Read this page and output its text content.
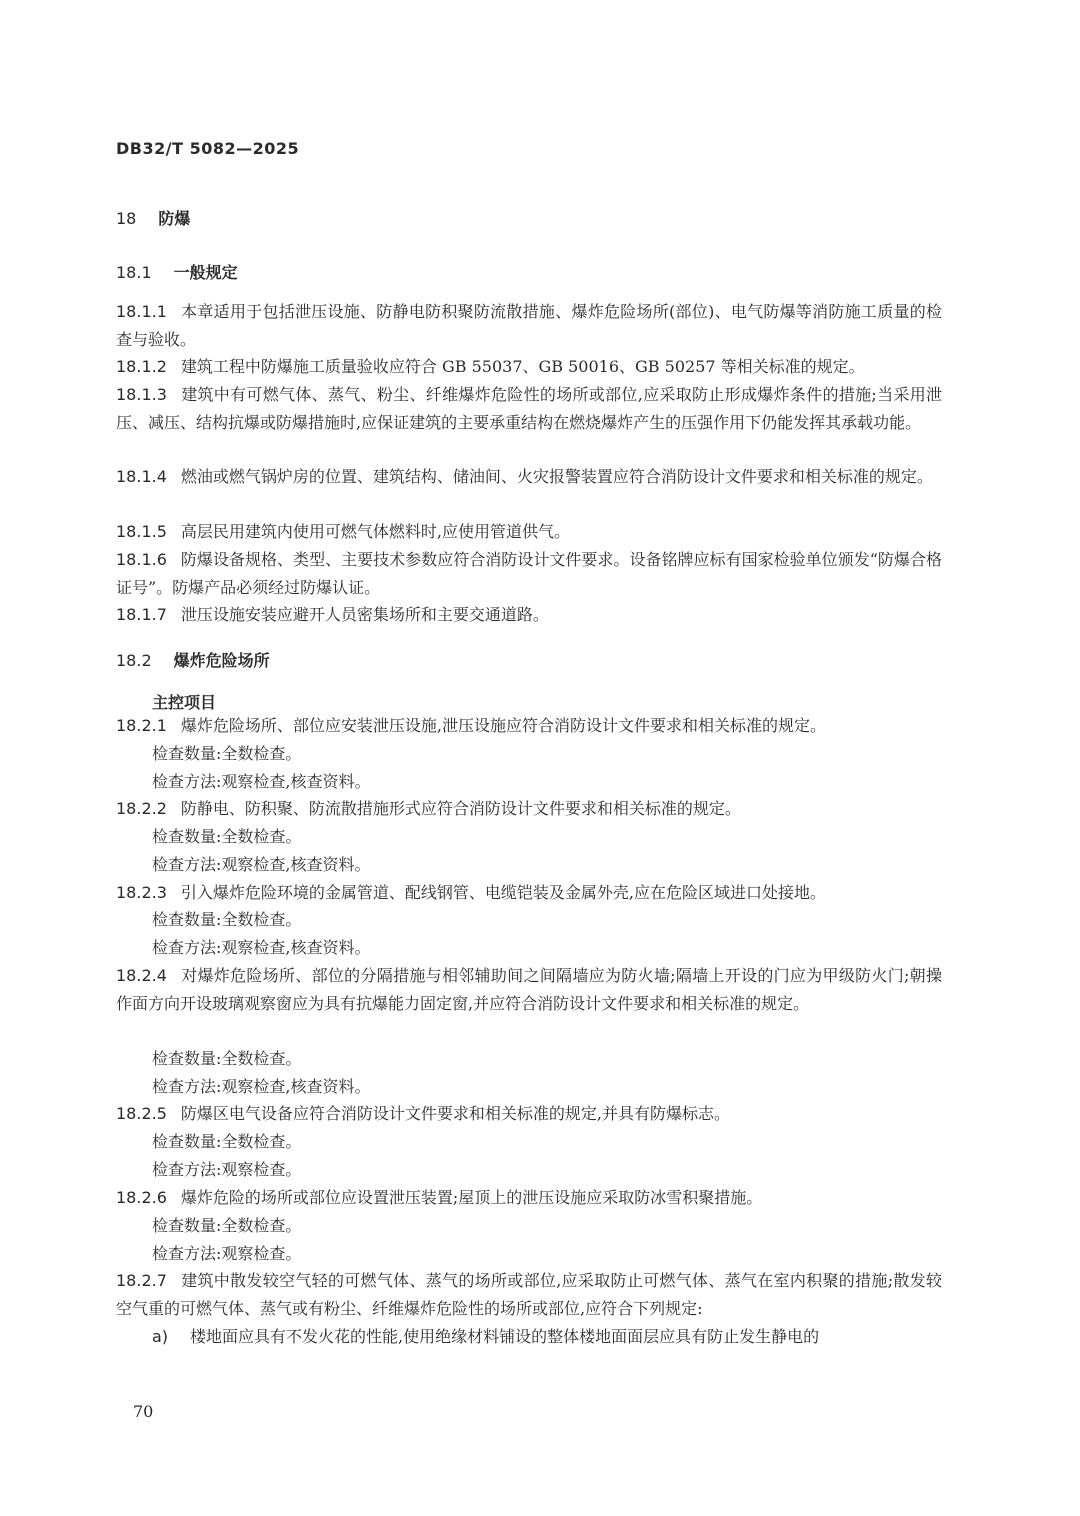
DB32/T 5082—2025
18 防爆
18.1 一般规定
18.1.1 本章适用于包括泄压设施、防静电防积聚防流散措施、爆炸危险场所(部位)、电气防爆等消防施工质量的检查与验收。
18.1.2 建筑工程中防爆施工质量验收应符合 GB 55037、GB 50016、GB 50257 等相关标准的规定。
18.1.3 建筑中有可燃气体、蒸气、粉尘、纤维爆炸危险性的场所或部位,应采取防止形成爆炸条件的措施;当采用泄压、减压、结构抗爆或防爆措施时,应保证建筑的主要承重结构在燃烧爆炸产生的压强作用下仍能发挥其承载功能。
18.1.4 燃油或燃气锅炉房的位置、建筑结构、储油间、火灾报警装置应符合消防设计文件要求和相关标准的规定。
18.1.5 高层民用建筑内使用可燃气体燃料时,应使用管道供气。
18.1.6 防爆设备规格、类型、主要技术参数应符合消防设计文件要求。设备铭牌应标有国家检验单位颁发“防爆合格证号”。防爆产品必须经过防爆认证。
18.1.7 泄压设施安装应避开人员密集场所和主要交通道路。
18.2 爆炸危险场所
主控项目
18.2.1 爆炸危险场所、部位应安装泄压设施,泄压设施应符合消防设计文件要求和相关标准的规定。
检查数量:全数检查。
检查方法:观察检查,核查资料。
18.2.2 防静电、防积聚、防流散措施形式应符合消防设计文件要求和相关标准的规定。
检查数量:全数检查。
检查方法:观察检查,核查资料。
18.2.3 引入爆炸危险环境的金属管道、配线钢管、电缆铠装及金属外壳,应在危险区域进口处接地。
检查数量:全数检查。
检查方法:观察检查,核查资料。
18.2.4 对爆炸危险场所、部位的分隔措施与相邻辅助间之间隔墙应为防火墙;隔墙上开设的门应为甲级防火门;朝操作面方向开设玻璃观察窗应为具有抗爆能力固定窗,并应符合消防设计文件要求和相关标准的规定。
检查数量:全数检查。
检查方法:观察检查,核查资料。
18.2.5 防爆区电气设备应符合消防设计文件要求和相关标准的规定,并具有防爆标志。
检查数量:全数检查。
检查方法:观察检查。
18.2.6 爆炸危险的场所或部位应设置泄压装置;屋顶上的泄压设施应采取防冰雪积聚措施。
检查数量:全数检查。
检查方法:观察检查。
18.2.7 建筑中散发较空气轻的可燃气体、蒸气的场所或部位,应采取防止可燃气体、蒸气在室内积聚的措施;散发较空气重的可燃气体、蒸气或有粉尘、纤维爆炸危险性的场所或部位,应符合下列规定:
a) 楼地面应具有不发火花的性能,使用绝缘材料铺设的整体楼地面面层应具有防止发生静电的
70
